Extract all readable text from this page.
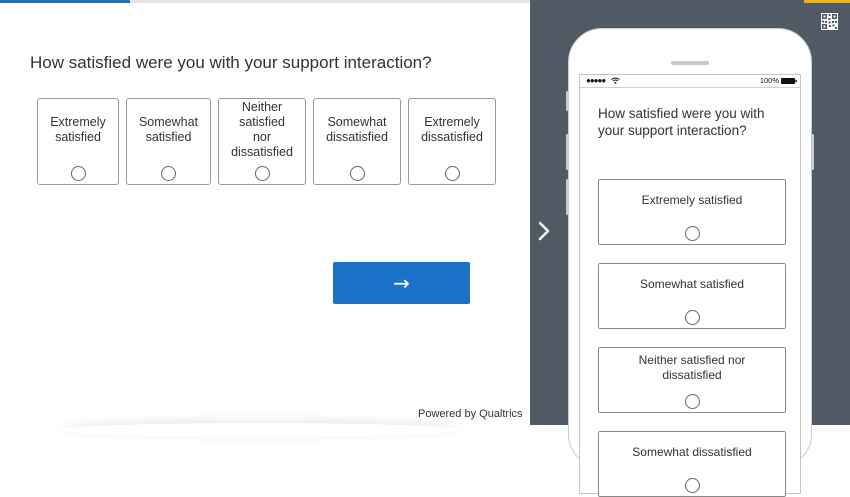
How satisfied were you with your support interaction?
Extremely satisfied
Somewhat satisfied
Neither satisfied nor dissatisfied
Somewhat dissatisfied
Extremely dissatisfied
→
Powered by Qualtrics
●●●●●	100%
How satisfied were you with your support interaction?
Extremely satisfied
Somewhat satisfied
Neither satisfied nor dissatisfied
Somewhat dissatisfied
